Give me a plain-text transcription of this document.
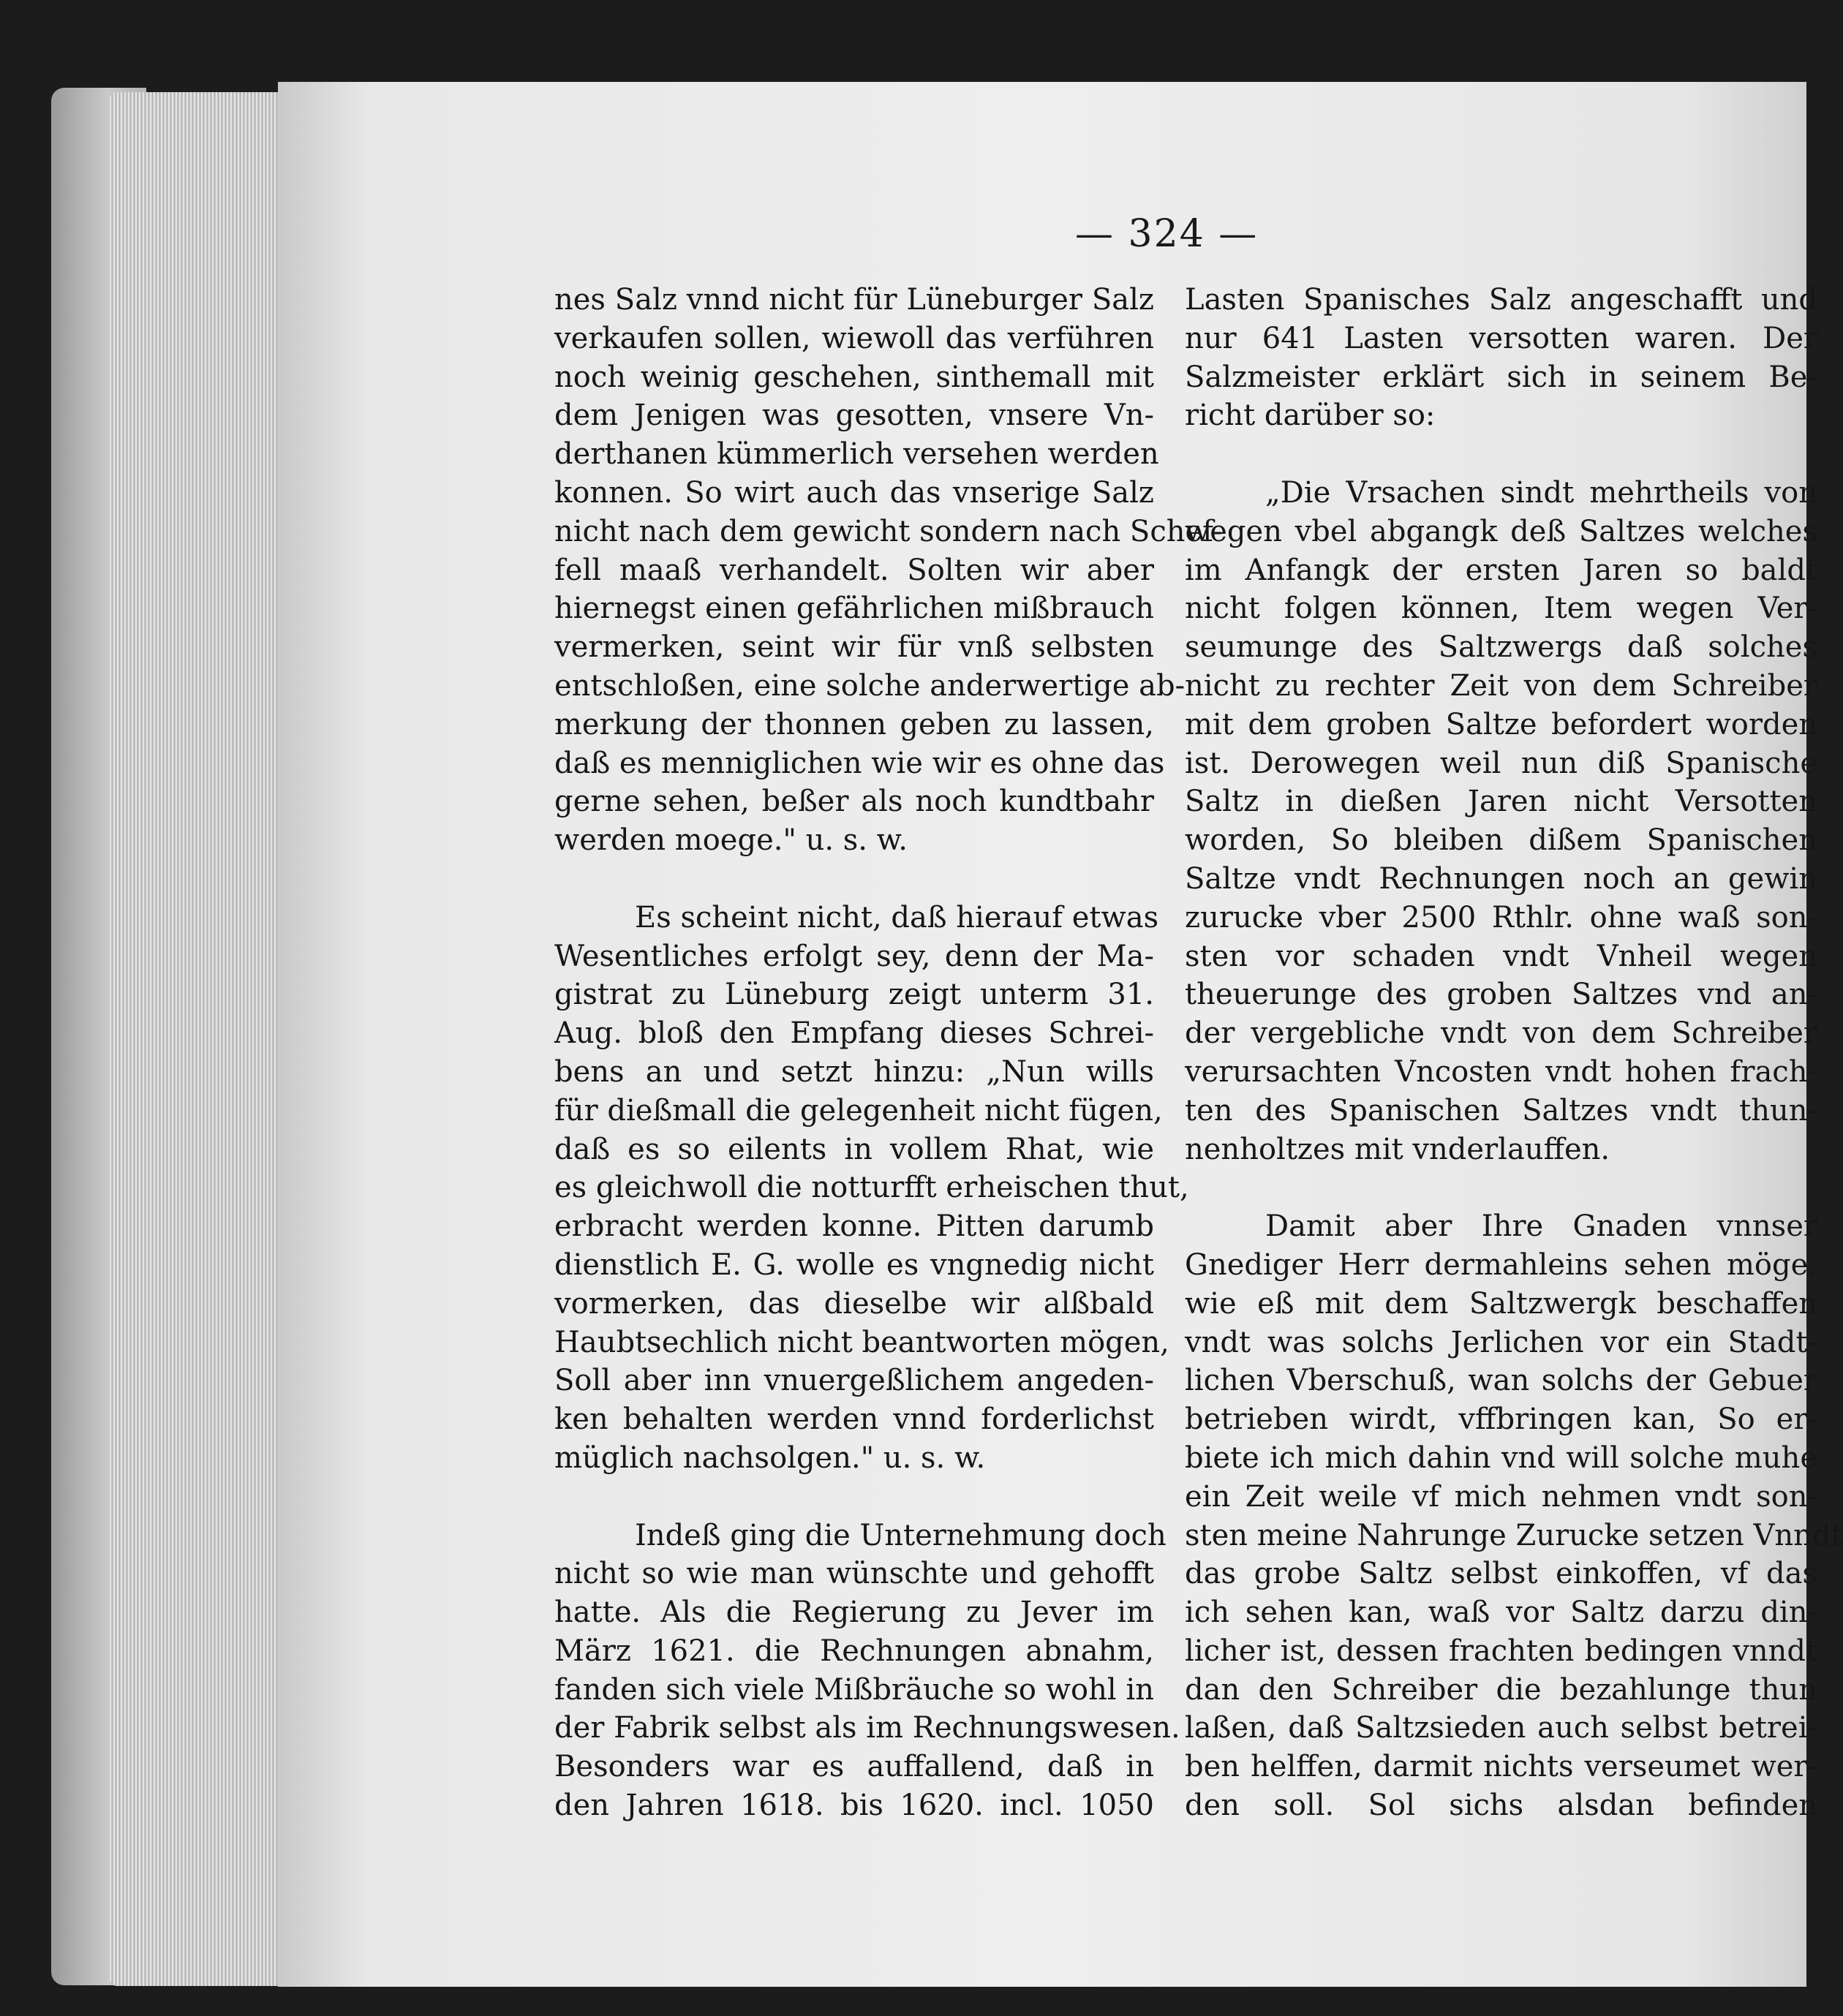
— 324 —
nes Salz vnnd nicht für Lüneburger Salz
verkaufen sollen, wiewoll das verführen
noch weinig geschehen, sinthemall mit
dem Jenigen was gesotten, vnsere Vn-
derthanen kümmerlich versehen werden
konnen. So wirt auch das vnserige Salz
nicht nach dem gewicht sondern nach Schef-
fell maaß verhandelt. Solten wir aber
hiernegst einen gefährlichen mißbrauch
vermerken, seint wir für vnß selbsten
entschloßen, eine solche anderwertige ab-
merkung der thonnen geben zu lassen,
daß es menniglichen wie wir es ohne das
gerne sehen, beßer als noch kundtbahr
werden moege." u. s. w.
Es scheint nicht, daß hierauf etwas
Wesentliches erfolgt sey, denn der Ma-
gistrat zu Lüneburg zeigt unterm 31.
Aug. bloß den Empfang dieses Schrei-
bens an und setzt hinzu: „Nun wills
für dießmall die gelegenheit nicht fügen,
daß es so eilents in vollem Rhat, wie
es gleichwoll die notturfft erheischen thut,
erbracht werden konne. Pitten darumb
dienstlich E. G. wolle es vngnedig nicht
vormerken, das dieselbe wir alßbald
Haubtsechlich nicht beantworten mögen,
Soll aber inn vnuergeßlichem angeden-
ken behalten werden vnnd forderlichst
müglich nachsolgen." u. s. w.
Indeß ging die Unternehmung doch
nicht so wie man wünschte und gehofft
hatte. Als die Regierung zu Jever im
März 1621. die Rechnungen abnahm,
fanden sich viele Mißbräuche so wohl in
der Fabrik selbst als im Rechnungswesen.
Besonders war es auffallend, daß in
den Jahren 1618. bis 1620. incl. 1050
Lasten Spanisches Salz angeschafft und
nur 641 Lasten versotten waren. Der
Salzmeister erklärt sich in seinem Be-
richt darüber so:
„Die Vrsachen sindt mehrtheils von
wegen vbel abgangk deß Saltzes welches
im Anfangk der ersten Jaren so baldt
nicht folgen können, Item wegen Ver-
seumunge des Saltzwergs daß solches
nicht zu rechter Zeit von dem Schreiber
mit dem groben Saltze befordert worden
ist. Derowegen weil nun diß Spanische
Saltz in dießen Jaren nicht Versotten
worden, So bleiben dißem Spanischen
Saltze vndt Rechnungen noch an gewin
zurucke vber 2500 Rthlr. ohne waß son-
sten vor schaden vndt Vnheil wegen
theuerunge des groben Saltzes vnd an-
der vergebliche vndt von dem Schreiber
verursachten Vncosten vndt hohen frach-
ten des Spanischen Saltzes vndt thun-
nenholtzes mit vnderlauffen.
Damit aber Ihre Gnaden vnnser
Gnediger Herr dermahleins sehen möge,
wie eß mit dem Saltzwergk beschaffen
vndt was solchs Jerlichen vor ein Stadt-
lichen Vberschuß, wan solchs der Gebuer
betrieben wirdt, vffbringen kan, So er-
biete ich mich dahin vnd will solche muhe
ein Zeit weile vf mich nehmen vndt son-
sten meine Nahrunge Zurucke setzen Vnndt
das grobe Saltz selbst einkoffen, vf das
ich sehen kan, waß vor Saltz darzu din-
licher ist, dessen frachten bedingen vnndt
dan den Schreiber die bezahlunge thun
laßen, daß Saltzsieden auch selbst betrei-
ben helffen, darmit nichts verseumet wer-
den soll. Sol sichs alsdan befinden
